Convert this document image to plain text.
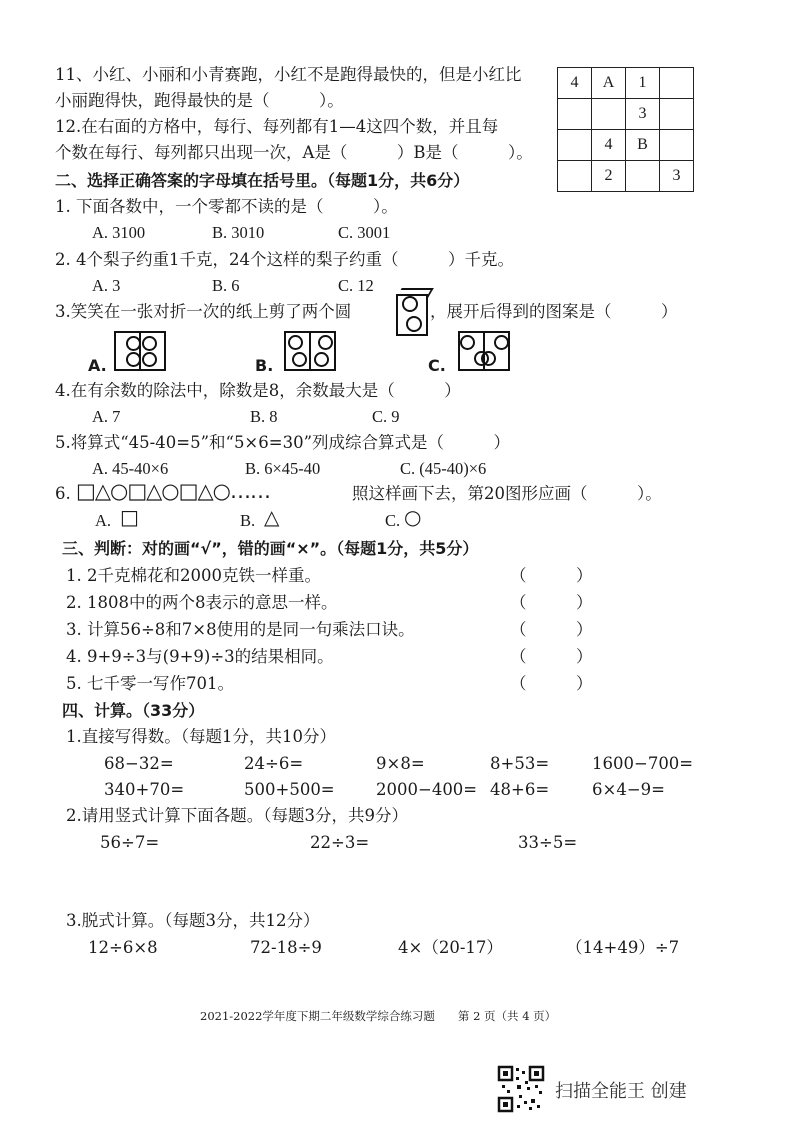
11、小红、小丽和小青赛跑，小红不是跑得最快的，但是小红比
小丽跑得快，跑得最快的是（　　　）。
12.在右面的方格中，每行、每列都有1—4这四个数，并且每
个数在每行、每列都只出现一次，A是（　　　）B是（　　　）。
4	A	1	
		3	
	4	B	
	2		3
二、选择正确答案的字母填在括号里。（每题1分，共6分）
1. 下面各数中，一个零都不读的是（　　　）。
A. 3100	B. 3010	C. 3001
2. 4个梨子约重1千克，24个这样的梨子约重（　　　）千克。
A. 3	B. 6	C. 12
3.笑笑在一张对折一次的纸上剪了两个圆	，展开后得到的图案是（　　　）
A.	B.	C.
4.在有余数的除法中，除数是8，余数最大是（　　　）
A. 7	B. 8	C. 9
5.将算式“45-40=5”和“5×6=30”列成综合算式是（　　　）
A. 45-40×6	B. 6×45-40	C. (45-40)×6
6. □△○□△○□△○……	照这样画下去，第20图形应画（　　　）。
A. □	B. △	C. ○
三、判断：对的画“√”，错的画“×”。（每题1分，共5分）
1. 2千克棉花和2000克铁一样重。	（　　　）
2. 1808中的两个8表示的意思一样。	（　　　）
3. 计算56÷8和7×8使用的是同一句乘法口诀。	（　　　）
4. 9+9÷3与(9+9)÷3的结果相同。	（　　　）
5. 七千零一写作701。	（　　　）
四、计算。（33分）
1.直接写得数。（每题1分，共10分）
68−32=	24÷6=	9×8=	8+53=	1600−700=
340+70=	500+500=	2000−400= 48+6=	6×4−9=
2.请用竖式计算下面各题。（每题3分，共9分）
56÷7=	22÷3=	33÷5=
3.脱式计算。（每题3分，共12分）
12÷6×8	72-18÷9	4×（20-17）	（14+49）÷7
2021-2022学年度下期二年级数学综合练习题　　第 2 页（共 4 页）
扫描全能王 创建
